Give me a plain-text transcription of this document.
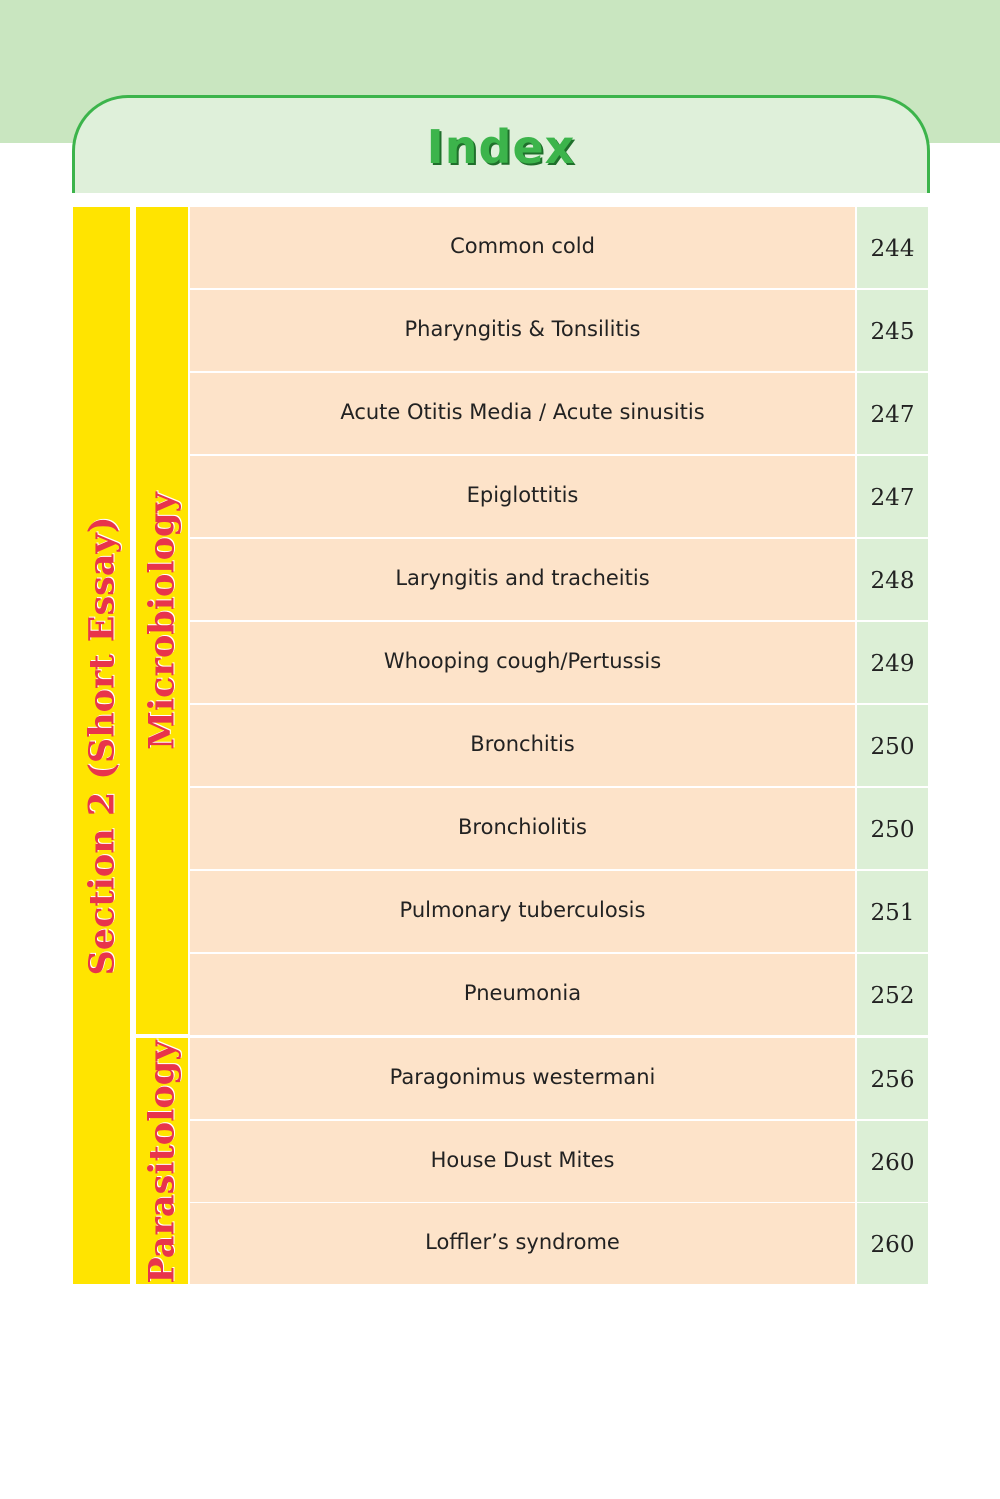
Index
Section 2 (Short Essay) Microbiology
Parasitology
Common cold	244
Pharyngitis & Tonsilitis	245
Acute Otitis Media / Acute sinusitis	247
Epiglottitis	247
Laryngitis and tracheitis	248
Whooping cough/Pertussis	249
Bronchitis	250
Bronchiolitis	250
Pulmonary tuberculosis	251
Pneumonia	252
Paragonimus westermani	256
House Dust Mites	260
Loffler’s syndrome	260
